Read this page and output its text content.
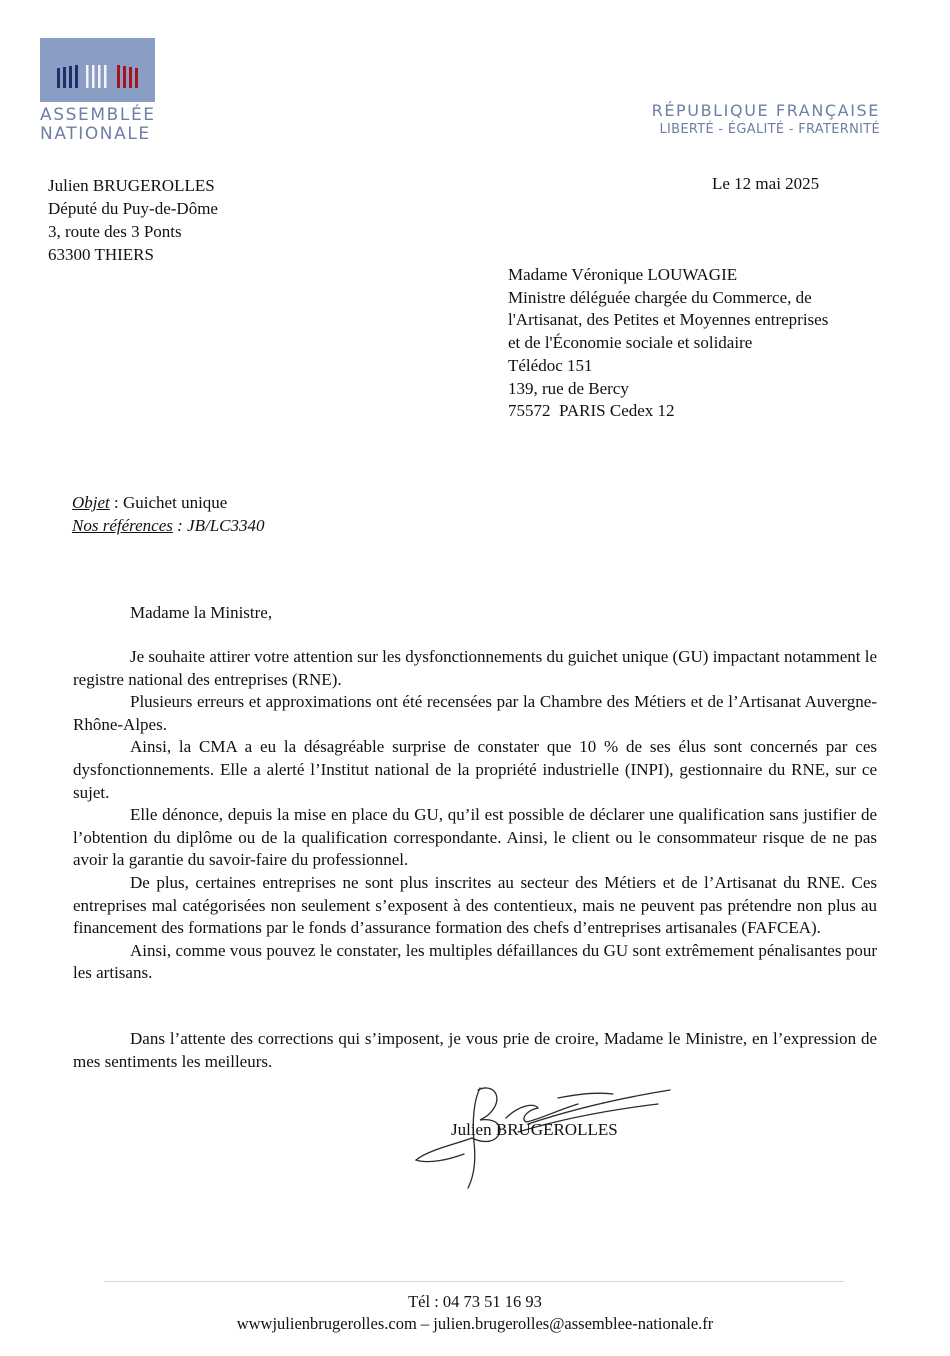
ASSEMBLÉE
NATIONALE
RÉPUBLIQUE FRANÇAISE
LIBERTÉ - ÉGALITÉ - FRATERNITÉ
Julien BRUGEROLLES
Député du Puy-de-Dôme
3, route des 3 Ponts
63300 THIERS
Le 12 mai 2025
Madame Véronique LOUWAGIE
Ministre déléguée chargée du Commerce, de
l'Artisanat, des Petites et Moyennes entreprises
et de l'Économie sociale et solidaire
Télédoc 151
139, rue de Bercy
75572  PARIS Cedex 12
Objet : Guichet unique
Nos références : JB/LC3340
Madame la Ministre,

Je souhaite attirer votre attention sur les dysfonctionnements du guichet unique (GU) impactant notamment le registre national des entreprises (RNE).

Plusieurs erreurs et approximations ont été recensées par la Chambre des Métiers et de l’Artisanat Auvergne-Rhône-Alpes.

Ainsi, la CMA a eu la désagréable surprise de constater que 10 % de ses élus sont concernés par ces dysfonctionnements. Elle a alerté l’Institut national de la propriété industrielle (INPI), gestionnaire du RNE, sur ce sujet.

Elle dénonce, depuis la mise en place du GU, qu’il est possible de déclarer une qualification sans justifier de l’obtention du diplôme ou de la qualification correspondante. Ainsi, le client ou le consommateur risque de ne pas avoir la garantie du savoir-faire du professionnel.

De plus, certaines entreprises ne sont plus inscrites au secteur des Métiers et de l’Artisanat du RNE. Ces entreprises mal catégorisées non seulement s’exposent à des contentieux, mais ne peuvent pas prétendre non plus au financement des formations par le fonds d’assurance formation des chefs d’entreprises artisanales (FAFCEA).

Ainsi, comme vous pouvez le constater, les multiples défaillances du GU sont extrêmement pénalisantes pour les artisans.

Dans l’attente des corrections qui s’imposent, je vous prie de croire, Madame le Ministre, en l’expression de mes sentiments les meilleurs.
Julien BRUGEROLLES
Tél : 04 73 51 16 93
wwwjulienbrugerolles.com – julien.brugerolles@assemblee-nationale.fr
